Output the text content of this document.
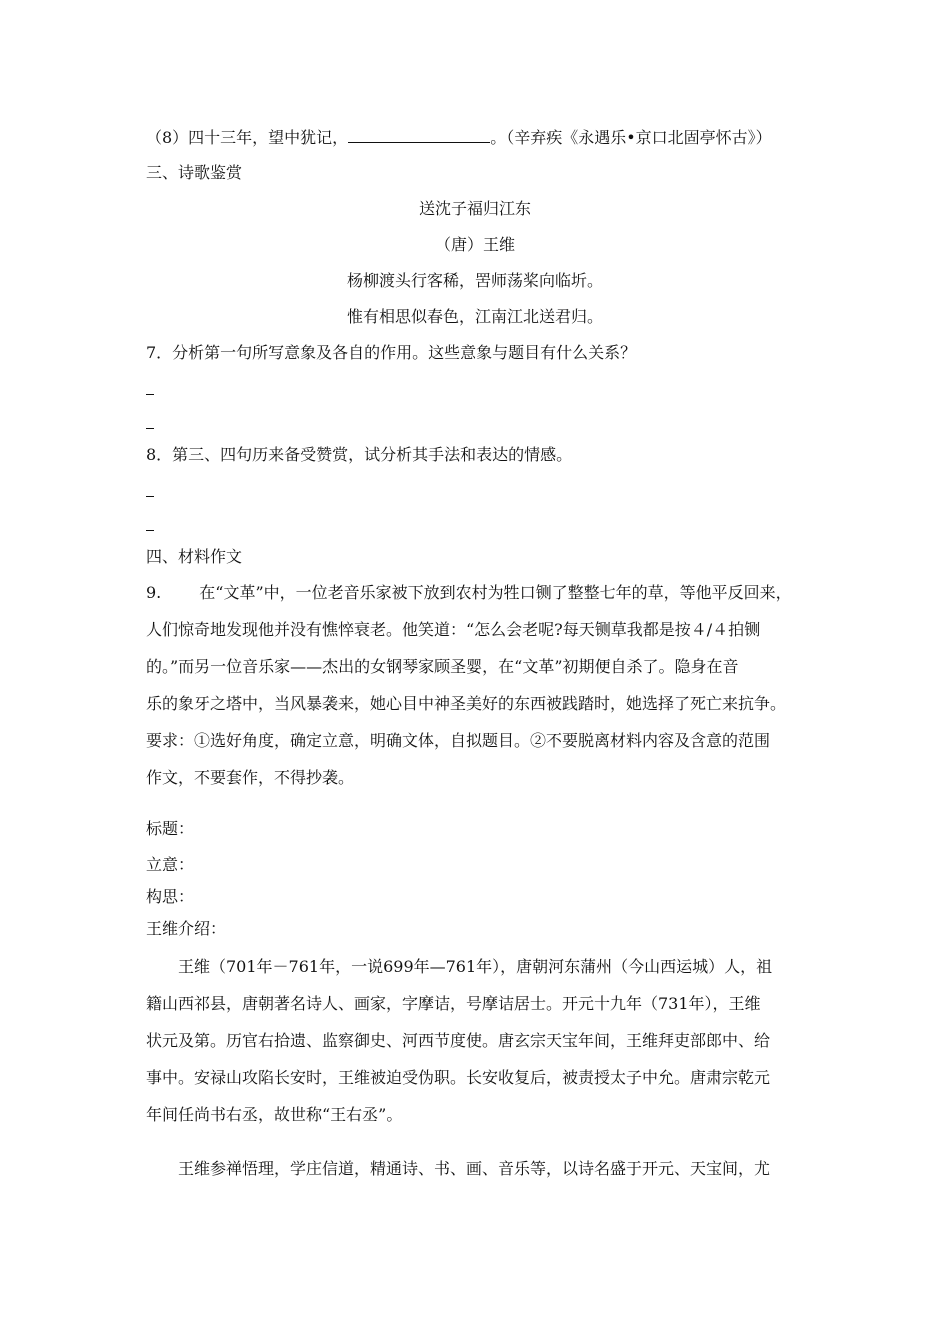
（8）四十三年，望中犹记，	。（辛弃疾《永遇乐•京口北固亭怀古》）
三、诗歌鉴赏
送沈子福归江东
（唐）王维
杨柳渡头行客稀，罟师荡桨向临圻。
惟有相思似春色，江南江北送君归。
7．分析第一句所写意象及各自的作用。这些意象与题目有什么关系？
8．第三、四句历来备受赞赏，试分析其手法和表达的情感。
四、材料作文
9. 在“文革”中，一位老音乐家被下放到农村为牲口铡了整整七年的草，等他平反回来，
人们惊奇地发现他并没有憔悴衰老。他笑道：“怎么会老呢?每天铡草我都是按４/４拍铡
的。”而另一位音乐家——杰出的女钢琴家顾圣婴，在“文革”初期便自杀了。隐身在音
乐的象牙之塔中，当风暴袭来，她心目中神圣美好的东西被践踏时，她选择了死亡来抗争。
要求：①选好角度，确定立意，明确文体，自拟题目。②不要脱离材料内容及含意的范围
作文，不要套作，不得抄袭。
标题：
立意：
构思：
王维介绍：
王维（701年－761年，一说699年—761年），唐朝河东蒲州（今山西运城）人，祖
籍山西祁县，唐朝著名诗人、画家，字摩诘，号摩诘居士。开元十九年（731年），王维
状元及第。历官右拾遗、监察御史、河西节度使。唐玄宗天宝年间，王维拜吏部郎中、给
事中。安禄山攻陷长安时，王维被迫受伪职。长安收复后，被责授太子中允。唐肃宗乾元
年间任尚书右丞，故世称“王右丞”。
王维参禅悟理，学庄信道，精通诗、书、画、音乐等，以诗名盛于开元、天宝间，尤
